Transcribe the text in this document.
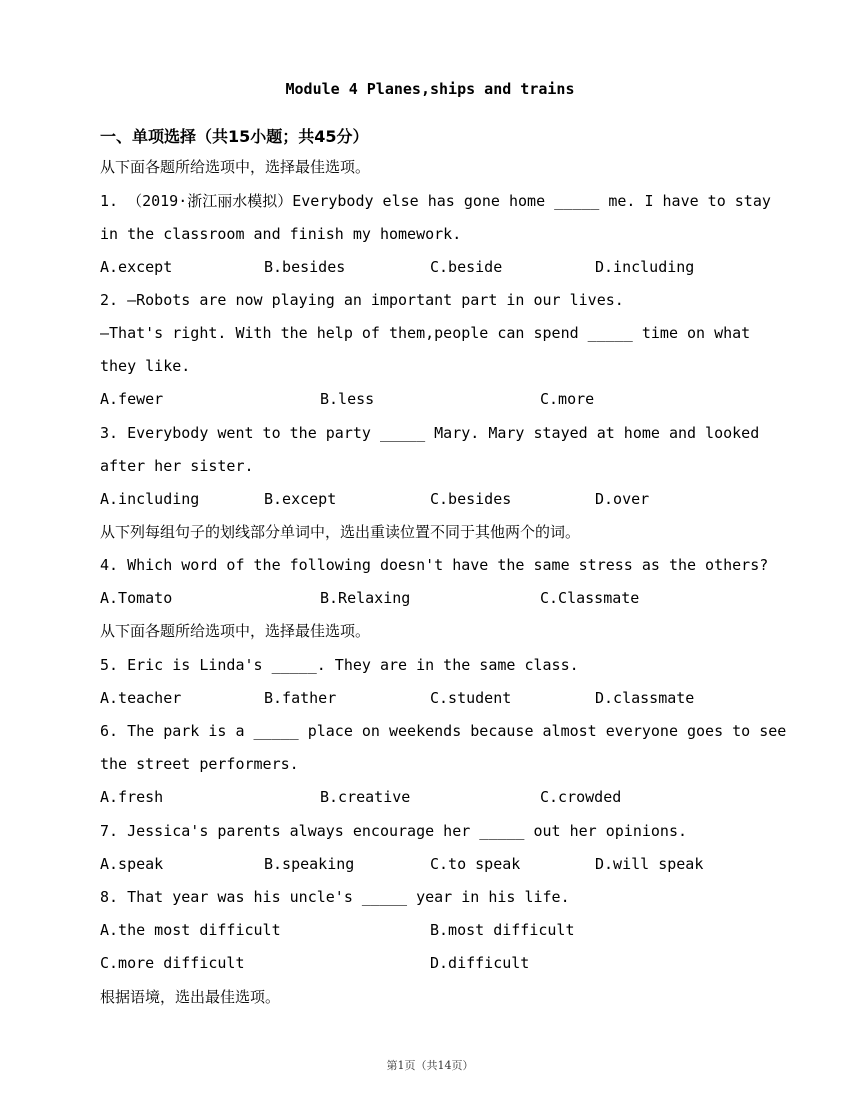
Module 4 Planes,ships and trains
一、单项选择（共15小题；共45分）
从下面各题所给选项中，选择最佳选项。
1. （2019·浙江丽水模拟）Everybody else has gone home _____ me. I have to stay
in the classroom and finish my homework.
A.except	B.besides	C.beside	D.including
2. —Robots are now playing an important part in our lives.
—That's right. With the help of them,people can spend _____ time on what
they like.
A.fewer	B.less	C.more
3. Everybody went to the party _____ Mary. Mary stayed at home and looked
after her sister.
A.including	B.except	C.besides	D.over
从下列每组句子的划线部分单词中，选出重读位置不同于其他两个的词。
4. Which word of the following doesn't have the same stress as the others?
A.Tomato	B.Relaxing	C.Classmate
从下面各题所给选项中，选择最佳选项。
5. Eric is Linda's _____. They are in the same class.
A.teacher	B.father	C.student	D.classmate
6. The park is a _____ place on weekends because almost everyone goes to see
the street performers.
A.fresh	B.creative	C.crowded
7. Jessica's parents always encourage her _____ out her opinions.
A.speak	B.speaking	C.to speak	D.will speak
8. That year was his uncle's _____ year in his life.
A.the most difficult	B.most difficult
C.more difficult	D.difficult
根据语境，选出最佳选项。
第1页（共14页）
